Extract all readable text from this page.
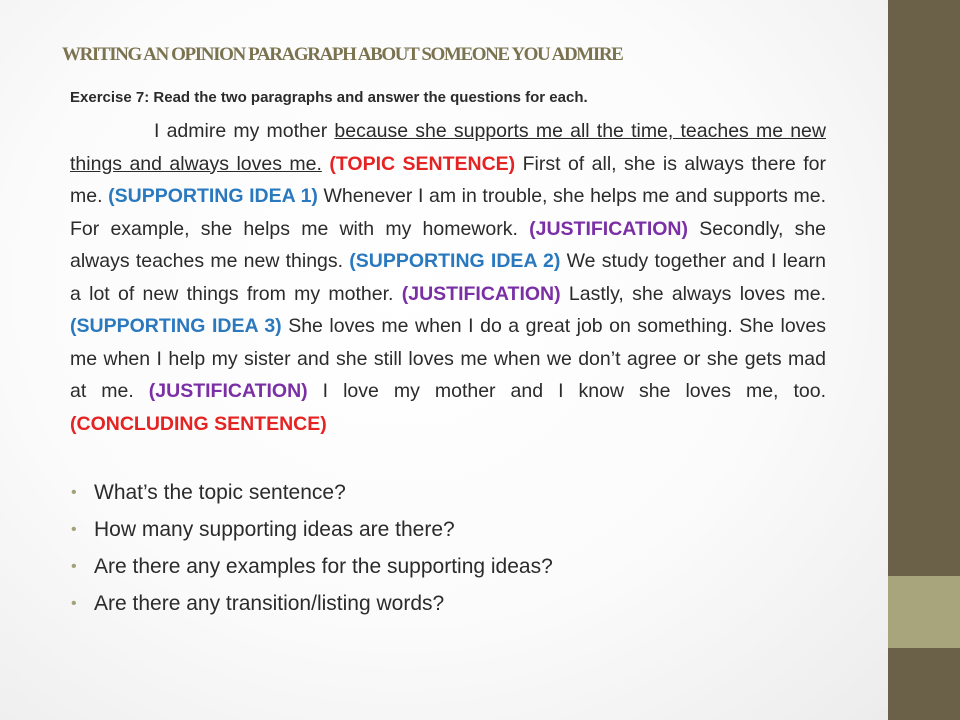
WRITING AN OPINION PARAGRAPH ABOUT SOMEONE YOU ADMIRE
Exercise 7: Read the two paragraphs and answer the questions for each.
I admire my mother because she supports me all the time, teaches me new things and always loves me. (TOPIC SENTENCE) First of all, she is always there for me. (SUPPORTING IDEA 1) Whenever I am in trouble, she helps me and supports me. For example, she helps me with my homework. (JUSTIFICATION) Secondly, she always teaches me new things. (SUPPORTING IDEA 2) We study together and I learn a lot of new things from my mother. (JUSTIFICATION) Lastly, she always loves me. (SUPPORTING IDEA 3) She loves me when I do a great job on something. She loves me when I help my sister and she still loves me when we don’t agree or she gets mad at me. (JUSTIFICATION) I love my mother and I know she loves me, too. (CONCLUDING SENTENCE)
• What’s the topic sentence?
• How many supporting ideas are there?
• Are there any examples for the supporting ideas?
• Are there any transition/listing words?
